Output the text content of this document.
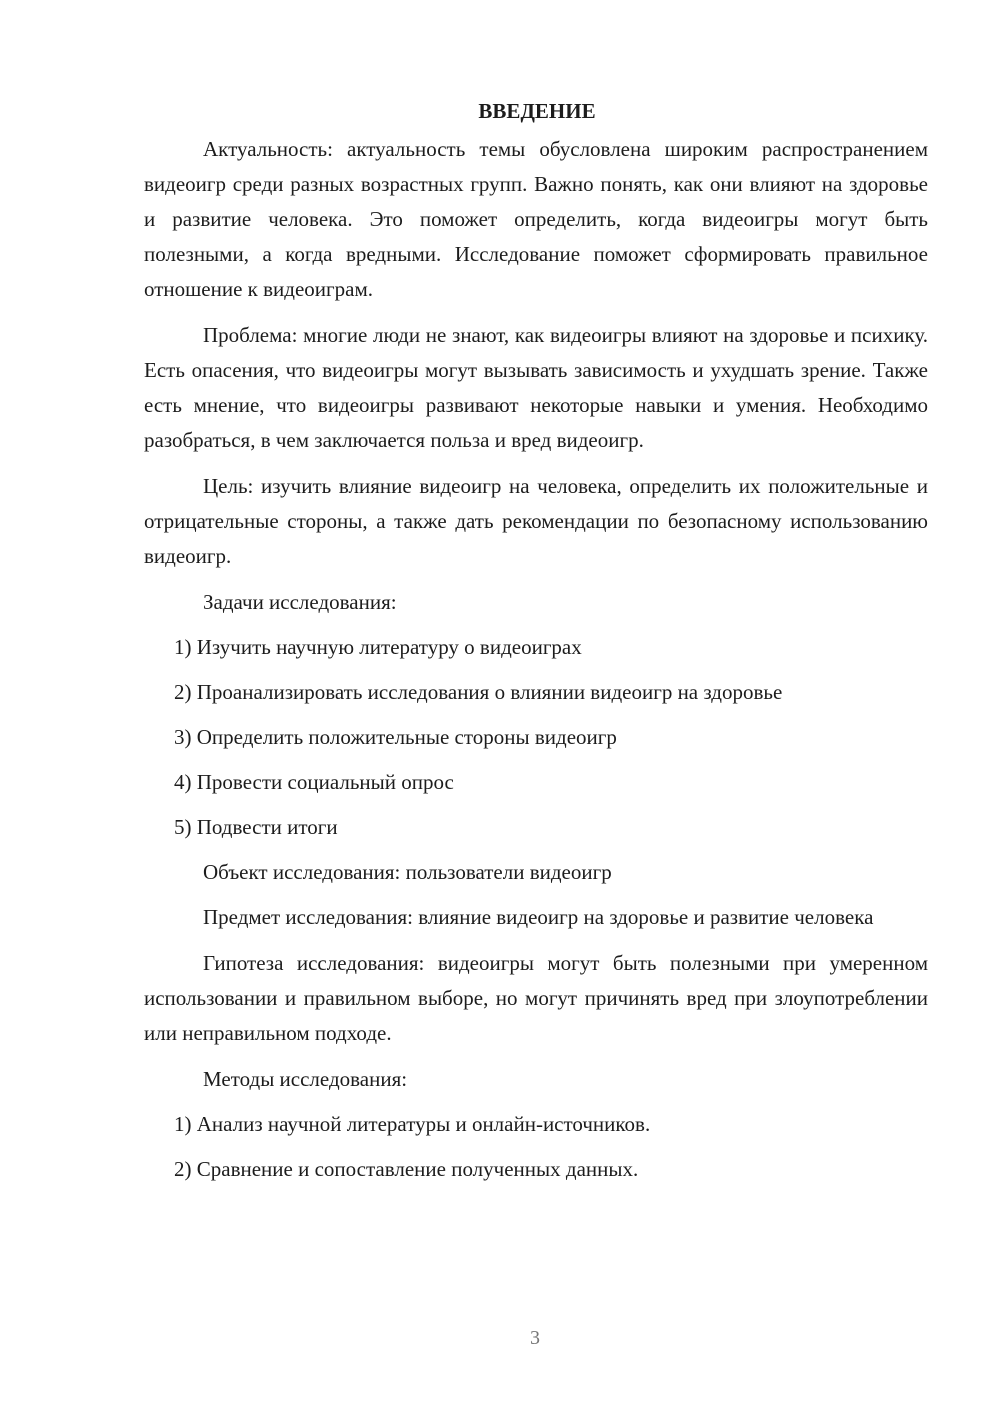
ВВЕДЕНИЕ

Актуальность: актуальность темы обусловлена широким распространением видеоигр среди разных возрастных групп. Важно понять, как они влияют на здоровье и развитие человека. Это поможет определить, когда видеоигры могут быть полезными, а когда вредными. Исследование поможет сформировать правильное отношение к видеоиграм.

Проблема: многие люди не знают, как видеоигры влияют на здоровье и психику. Есть опасения, что видеоигры могут вызывать зависимость и ухудшать зрение. Также есть мнение, что видеоигры развивают некоторые навыки и умения. Необходимо разобраться, в чем заключается польза и вред видеоигр.

Цель: изучить влияние видеоигр на человека, определить их положительные и отрицательные стороны, а также дать рекомендации по безопасному использованию видеоигр.

Задачи исследования:

1) Изучить научную литературу о видеоиграх

2) Проанализировать исследования о влиянии видеоигр на здоровье

3) Определить положительные стороны видеоигр

4) Провести социальный опрос

5) Подвести итоги

Объект исследования: пользователи видеоигр

Предмет исследования: влияние видеоигр на здоровье и развитие человека

Гипотеза исследования: видеоигры могут быть полезными при умеренном использовании и правильном выборе, но могут причинять вред при злоупотреблении или неправильном подходе.

Методы исследования:

1) Анализ научной литературы и онлайн-источников.

2) Сравнение и сопоставление полученных данных.

3
